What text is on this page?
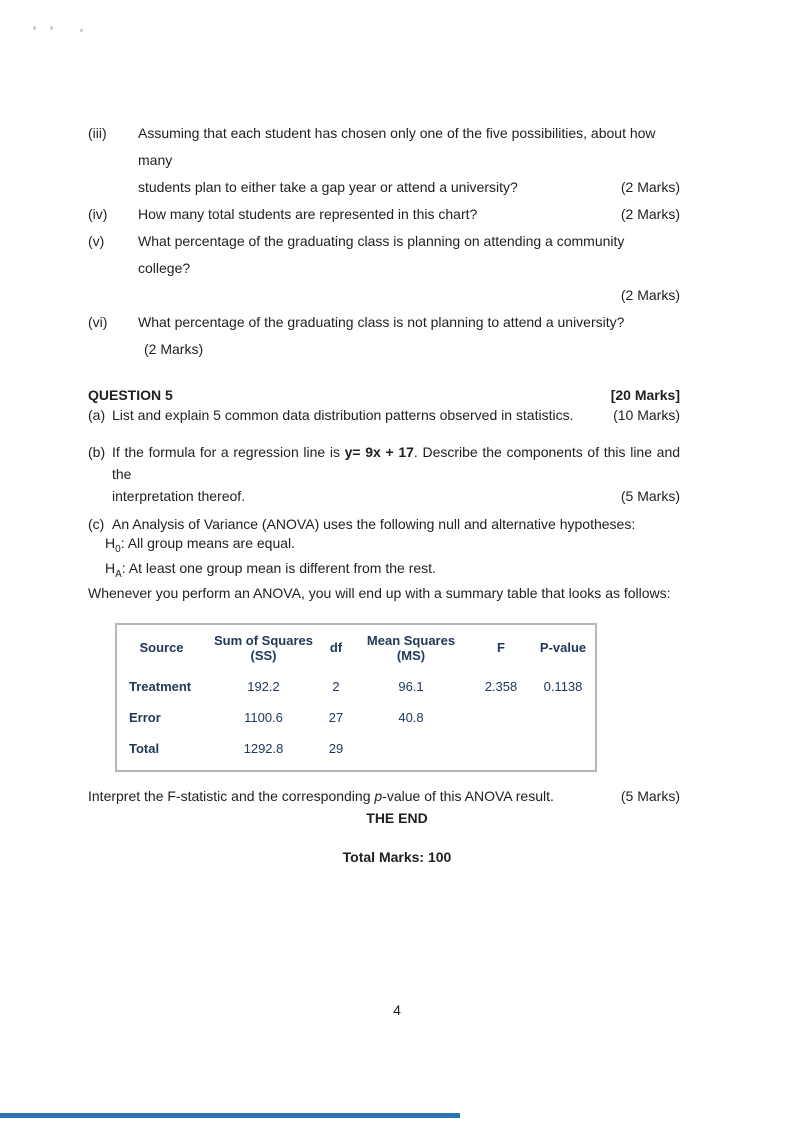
(iii)	Assuming that each student has chosen only one of the five possibilities, about how many
students plan to either take a gap year or attend a university?	(2 Marks)
(iv)	How many total students are represented in this chart?	(2 Marks)
(v)	What percentage of the graduating class is planning on attending a community college?
(2 Marks)
(vi)	What percentage of the graduating class is not planning to attend a university?(2 Marks)
QUESTION 5	[20 Marks]
(a) List and explain 5 common data distribution patterns observed in statistics.	(10 Marks)
(b) If the formula for a regression line is y= 9x + 17. Describe the components of this line and the
interpretation thereof.	(5 Marks)
(c) An Analysis of Variance (ANOVA) uses the following null and alternative hypotheses:
$H_0$: All group means are equal.
$H_A$: At least one group mean is different from the rest.
Whenever you perform an ANOVA, you will end up with a summary table that looks as follows:
Source	Sum of Squares (SS)	df	Mean Squares (MS)	F	P-value
Treatment	192.2	2	96.1	2.358	0.1138
Error	1100.6	27	40.8		
Total	1292.8	29			
Interpret the F-statistic and the corresponding p-value of this ANOVA result.	(5 Marks)
THE END
Total Marks: 100
4
